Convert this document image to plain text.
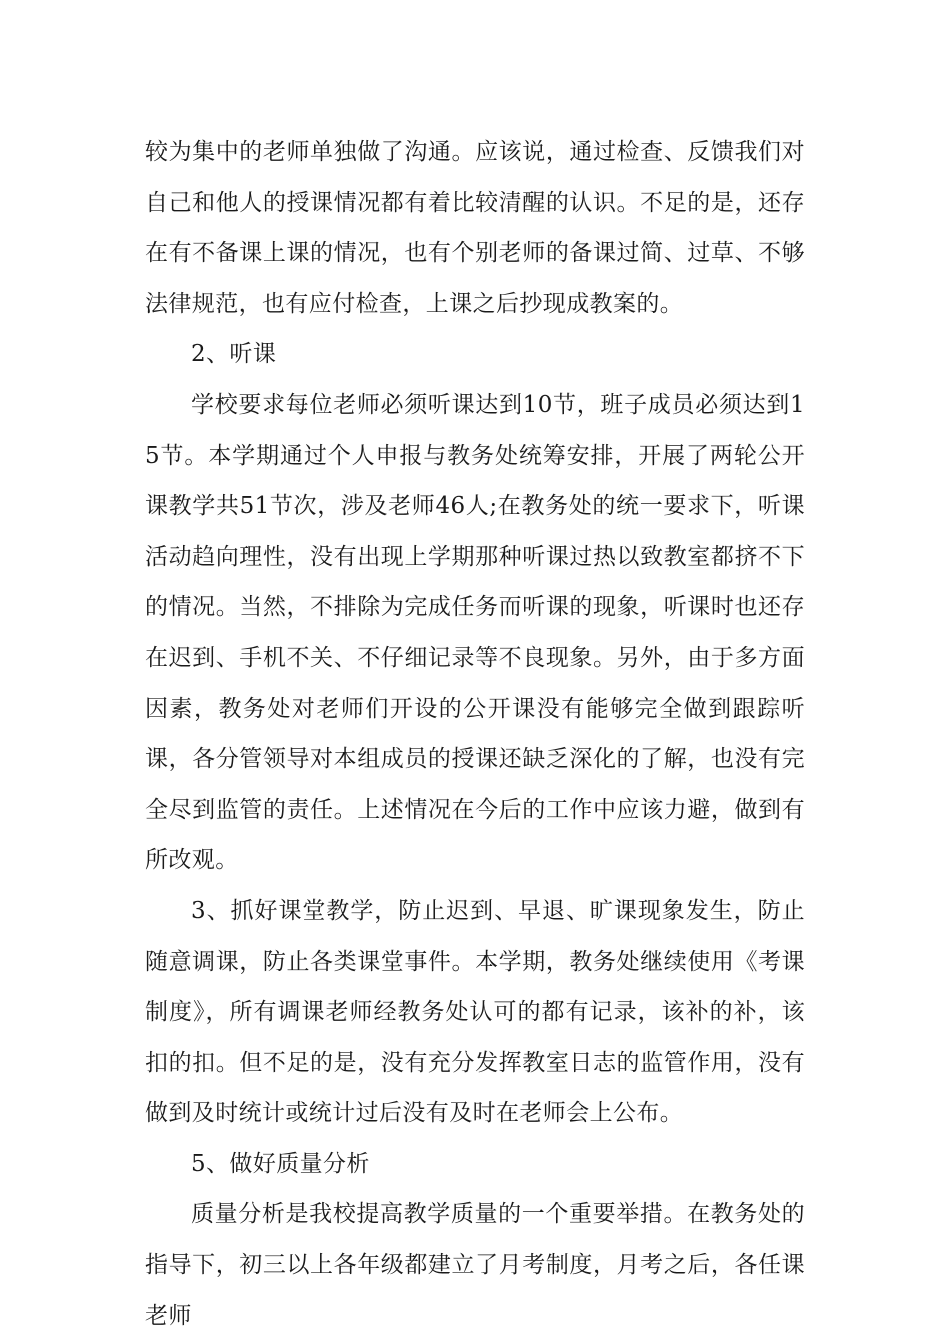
较为集中的老师单独做了沟通。应该说，通过检查、反馈我们对自己和他人的授课情况都有着比较清醒的认识。不足的是，还存在有不备课上课的情况，也有个别老师的备课过简、过草、不够法律规范，也有应付检查，上课之后抄现成教案的。

2、听课

学校要求每位老师必须听课达到10节，班子成员必须达到15节。本学期通过个人申报与教务处统筹安排，开展了两轮公开课教学共51节次，涉及老师46人;在教务处的统一要求下，听课活动趋向理性，没有出现上学期那种听课过热以致教室都挤不下的情况。当然，不排除为完成任务而听课的现象，听课时也还存在迟到、手机不关、不仔细记录等不良现象。另外，由于多方面因素，教务处对老师们开设的公开课没有能够完全做到跟踪听课，各分管领导对本组成员的授课还缺乏深化的了解，也没有完全尽到监管的责任。上述情况在今后的工作中应该力避，做到有所改观。

3、抓好课堂教学，防止迟到、早退、旷课现象发生，防止随意调课，防止各类课堂事件。本学期，教务处继续使用《考课制度》，所有调课老师经教务处认可的都有记录，该补的补，该扣的扣。但不足的是，没有充分发挥教室日志的监管作用，没有做到及时统计或统计过后没有及时在老师会上公布。

5、做好质量分析

质量分析是我校提高教学质量的一个重要举措。在教务处的指导下，初三以上各年级都建立了月考制度，月考之后，各任课老师
